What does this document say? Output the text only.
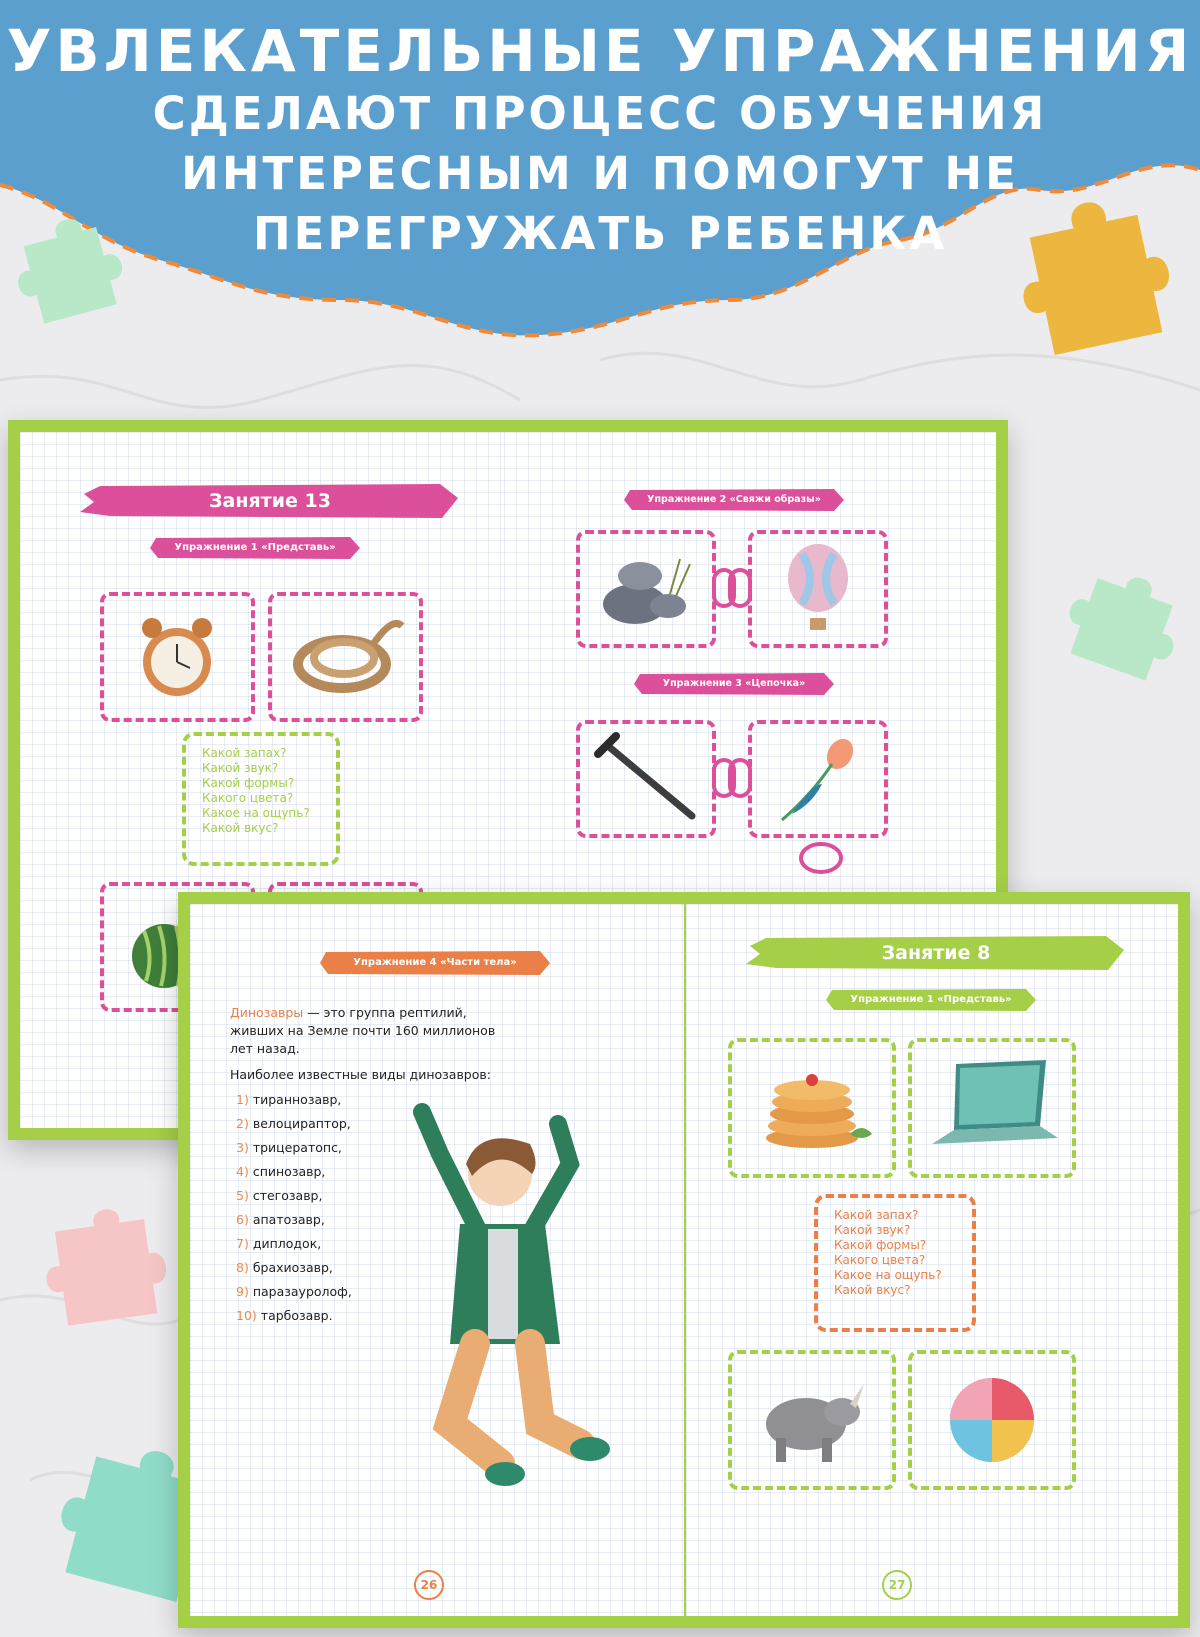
УВЛЕКАТЕЛЬНЫЕ УПРАЖНЕНИЯ
СДЕЛАЮТ ПРОЦЕСС ОБУЧЕНИЯ
ИНТЕРЕСНЫМ И ПОМОГУТ НЕ
ПЕРЕГРУЖАТЬ РЕБЕНКА
Занятие 13
Упражнение 1 «Представь»
Какой запах?
Какой звук?
Какой формы?
Какого цвета?
Какое на ощупь?
Какой вкус?
Упражнение 2 «Свяжи образы»
Упражнение 3 «Цепочка»
Упражнение 4 «Части тела»
Динозавры — это группа рептилий,
живших на Земле почти 160 миллионов
лет назад.
Наиболее известные виды динозавров:
1) тираннозавр,
2) велоцираптор,
3) трицератопс,
4) спинозавр,
5) стегозавр,
6) апатозавр,
7) диплодок,
8) брахиозавр,
9) паразауролоф,
10) тарбозавр.
26
Занятие 8
Упражнение 1 «Представь»
Какой запах?
Какой звук?
Какой формы?
Какого цвета?
Какое на ощупь?
Какой вкус?
27
